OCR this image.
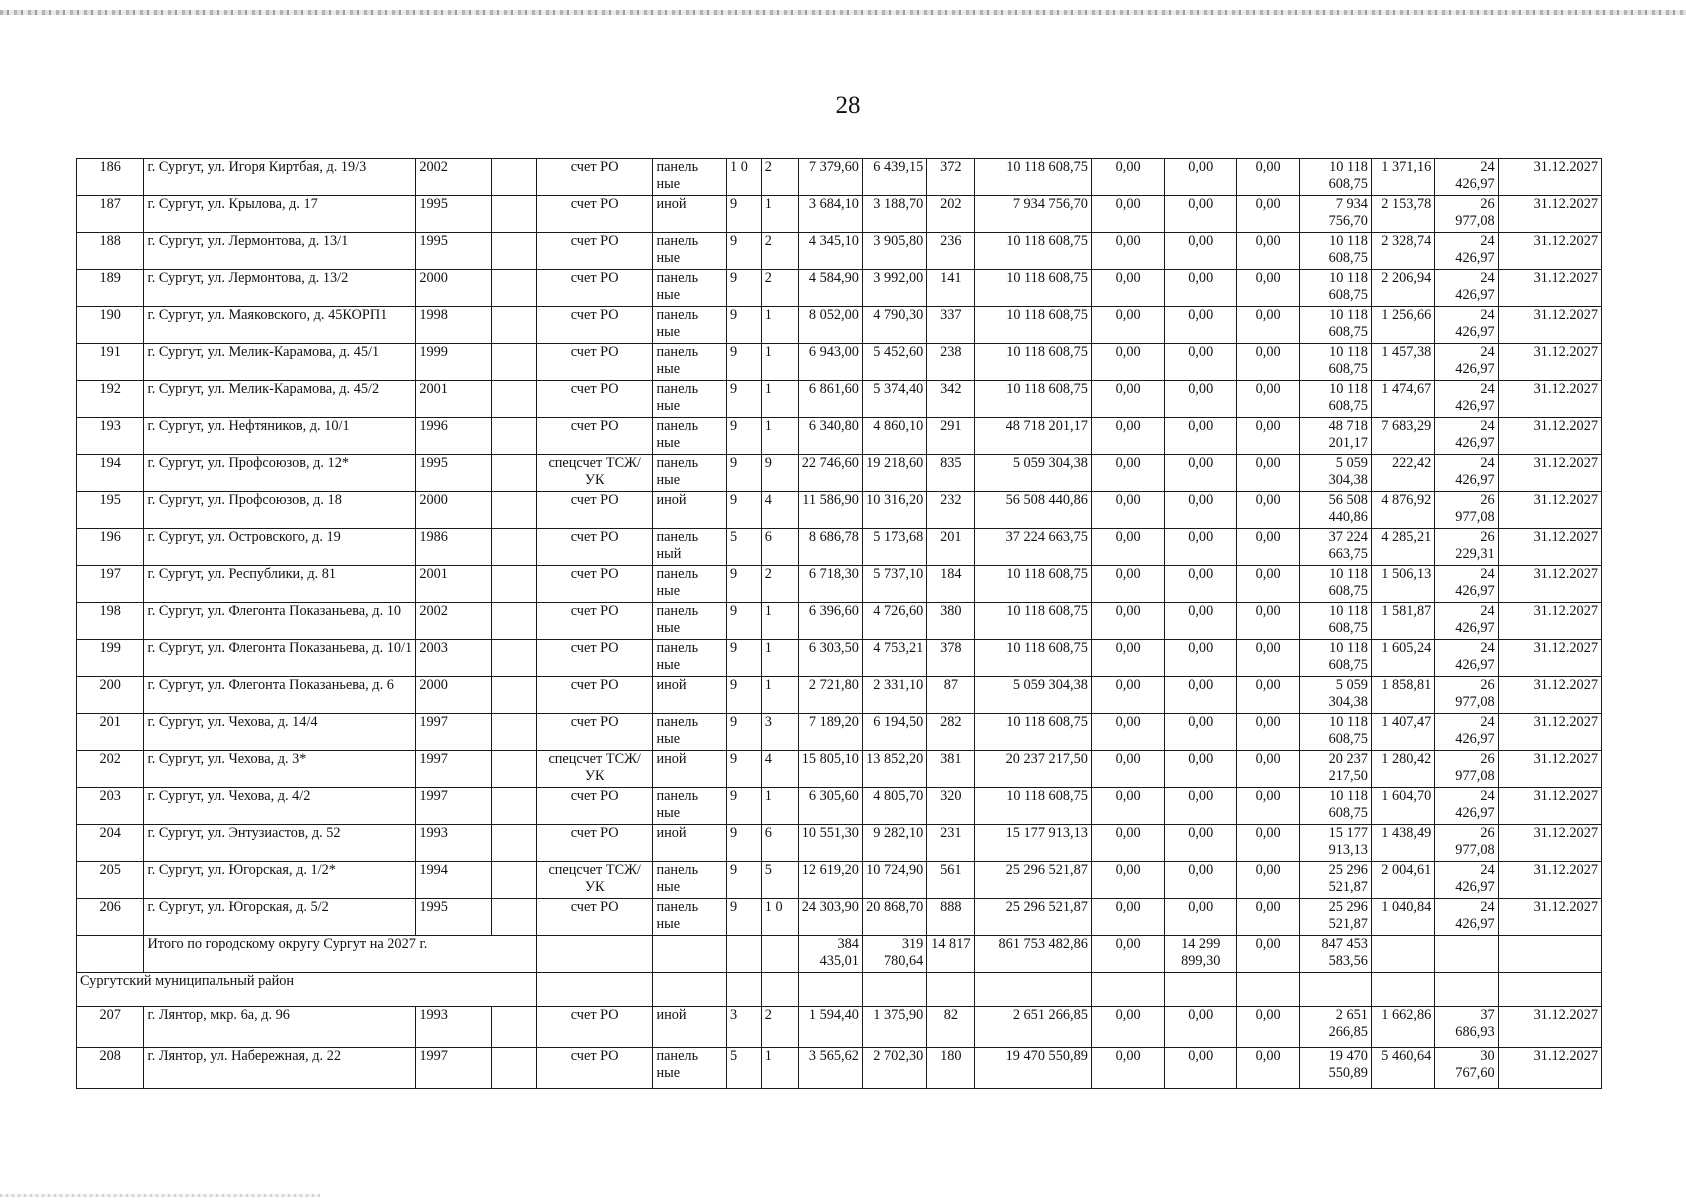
28
186	г. Сургут, ул. Игоря Киртбая, д. 19/3	2002		счет РО	панель ные	1 0	2	7 379,60	6 439,15	372	10 118 608,75	0,00	0,00	0,00	10 118 608,75	1 371,16	24 426,97	31.12.2027
187	г. Сургут, ул. Крылова, д. 17	1995		счет РО	иной	9	1	3 684,10	3 188,70	202	7 934 756,70	0,00	0,00	0,00	7 934 756,70	2 153,78	26 977,08	31.12.2027
188	г. Сургут, ул. Лермонтова, д. 13/1	1995		счет РО	панель ные	9	2	4 345,10	3 905,80	236	10 118 608,75	0,00	0,00	0,00	10 118 608,75	2 328,74	24 426,97	31.12.2027
189	г. Сургут, ул. Лермонтова, д. 13/2	2000		счет РО	панель ные	9	2	4 584,90	3 992,00	141	10 118 608,75	0,00	0,00	0,00	10 118 608,75	2 206,94	24 426,97	31.12.2027
190	г. Сургут, ул. Маяковского, д. 45КОРП1	1998		счет РО	панель ные	9	1	8 052,00	4 790,30	337	10 118 608,75	0,00	0,00	0,00	10 118 608,75	1 256,66	24 426,97	31.12.2027
191	г. Сургут, ул. Мелик-Карамова, д. 45/1	1999		счет РО	панель ные	9	1	6 943,00	5 452,60	238	10 118 608,75	0,00	0,00	0,00	10 118 608,75	1 457,38	24 426,97	31.12.2027
192	г. Сургут, ул. Мелик-Карамова, д. 45/2	2001		счет РО	панель ные	9	1	6 861,60	5 374,40	342	10 118 608,75	0,00	0,00	0,00	10 118 608,75	1 474,67	24 426,97	31.12.2027
193	г. Сургут, ул. Нефтяников, д. 10/1	1996		счет РО	панель ные	9	1	6 340,80	4 860,10	291	48 718 201,17	0,00	0,00	0,00	48 718 201,17	7 683,29	24 426,97	31.12.2027
194	г. Сургут, ул. Профсоюзов, д. 12*	1995		спецсчет ТСЖ/УК	панель ные	9	9	22 746,60	19 218,60	835	5 059 304,38	0,00	0,00	0,00	5 059 304,38	222,42	24 426,97	31.12.2027
195	г. Сургут, ул. Профсоюзов, д. 18	2000		счет РО	иной	9	4	11 586,90	10 316,20	232	56 508 440,86	0,00	0,00	0,00	56 508 440,86	4 876,92	26 977,08	31.12.2027
196	г. Сургут, ул. Островского, д. 19	1986		счет РО	панель ный	5	6	8 686,78	5 173,68	201	37 224 663,75	0,00	0,00	0,00	37 224 663,75	4 285,21	26 229,31	31.12.2027
197	г. Сургут, ул. Республики, д. 81	2001		счет РО	панель ные	9	2	6 718,30	5 737,10	184	10 118 608,75	0,00	0,00	0,00	10 118 608,75	1 506,13	24 426,97	31.12.2027
198	г. Сургут, ул. Флегонта Показаньева, д. 10	2002		счет РО	панель ные	9	1	6 396,60	4 726,60	380	10 118 608,75	0,00	0,00	0,00	10 118 608,75	1 581,87	24 426,97	31.12.2027
199	г. Сургут, ул. Флегонта Показаньева, д. 10/1	2003		счет РО	панель ные	9	1	6 303,50	4 753,21	378	10 118 608,75	0,00	0,00	0,00	10 118 608,75	1 605,24	24 426,97	31.12.2027
200	г. Сургут, ул. Флегонта Показаньева, д. 6	2000		счет РО	иной	9	1	2 721,80	2 331,10	87	5 059 304,38	0,00	0,00	0,00	5 059 304,38	1 858,81	26 977,08	31.12.2027
201	г. Сургут, ул. Чехова, д. 14/4	1997		счет РО	панель ные	9	3	7 189,20	6 194,50	282	10 118 608,75	0,00	0,00	0,00	10 118 608,75	1 407,47	24 426,97	31.12.2027
202	г. Сургут, ул. Чехова, д. 3*	1997		спецсчет ТСЖ/УК	иной	9	4	15 805,10	13 852,20	381	20 237 217,50	0,00	0,00	0,00	20 237 217,50	1 280,42	26 977,08	31.12.2027
203	г. Сургут, ул. Чехова, д. 4/2	1997		счет РО	панель ные	9	1	6 305,60	4 805,70	320	10 118 608,75	0,00	0,00	0,00	10 118 608,75	1 604,70	24 426,97	31.12.2027
204	г. Сургут, ул. Энтузиастов, д. 52	1993		счет РО	иной	9	6	10 551,30	9 282,10	231	15 177 913,13	0,00	0,00	0,00	15 177 913,13	1 438,49	26 977,08	31.12.2027
205	г. Сургут, ул. Югорская, д. 1/2*	1994		спецсчет ТСЖ/УК	панель ные	9	5	12 619,20	10 724,90	561	25 296 521,87	0,00	0,00	0,00	25 296 521,87	2 004,61	24 426,97	31.12.2027
206	г. Сургут, ул. Югорская, д. 5/2	1995		счет РО	панель ные	9	1 0	24 303,90	20 868,70	888	25 296 521,87	0,00	0,00	0,00	25 296 521,87	1 040,84	24 426,97	31.12.2027
	Итого по городскому округу Сургут на 2027 г.							384 435,01	319 780,64	14 817	861 753 482,86	0,00	14 299 899,30	0,00	847 453 583,56			
Сургутский муниципальный район																		
207	г. Лянтор, мкр. 6а, д. 96	1993		счет РО	иной	3	2	1 594,40	1 375,90	82	2 651 266,85	0,00	0,00	0,00	2 651 266,85	1 662,86	37 686,93	31.12.2027
208	г. Лянтор, ул. Набережная, д. 22	1997		счет РО	панель ные	5	1	3 565,62	2 702,30	180	19 470 550,89	0,00	0,00	0,00	19 470 550,89	5 460,64	30 767,60	31.12.2027
